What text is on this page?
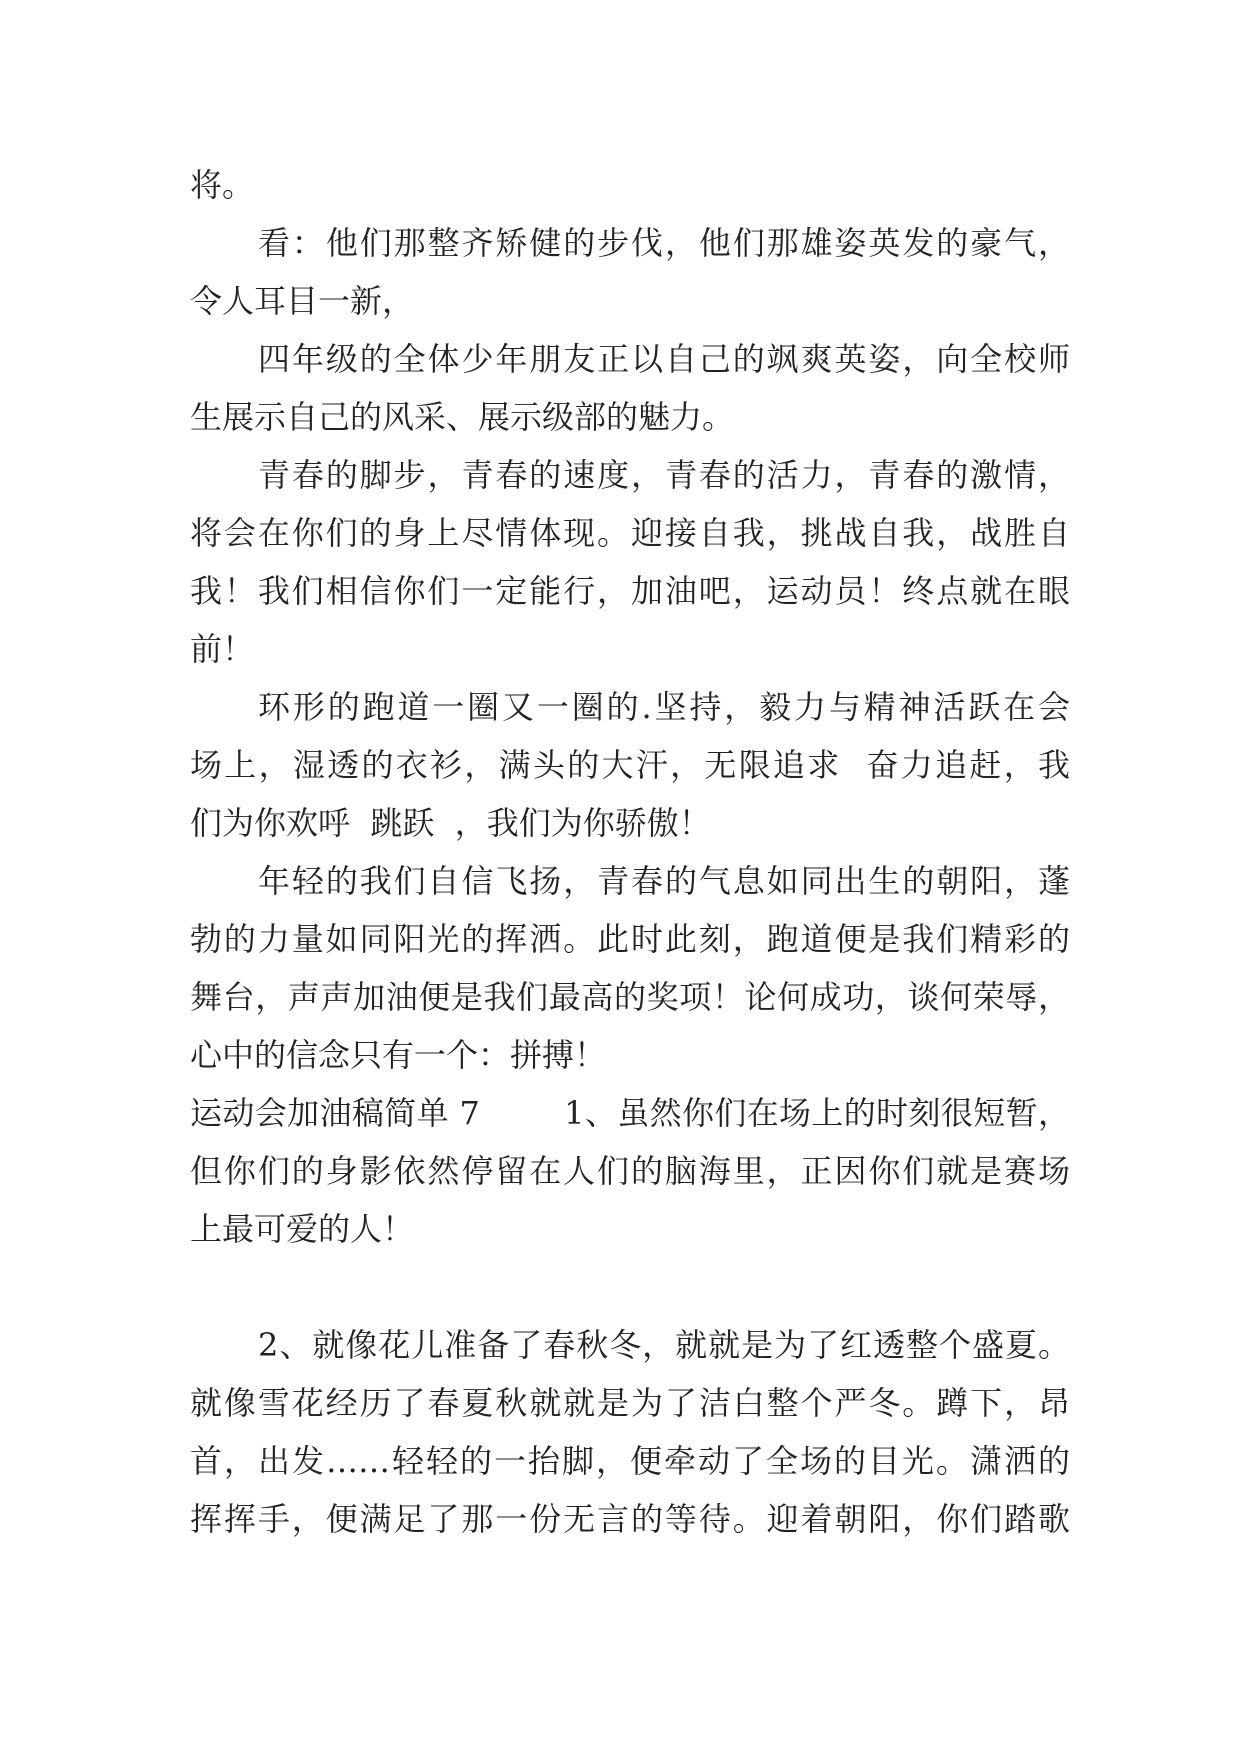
将。
看：他们那整齐矫健的步伐，他们那雄姿英发的豪气，
令人耳目一新，
四年级的全体少年朋友正以自己的飒爽英姿，向全校师
生展示自己的风采、展示级部的魅力。
青春的脚步，青春的速度，青春的活力，青春的激情，
将会在你们的身上尽情体现。迎接自我，挑战自我，战胜自
我！我们相信你们一定能行，加油吧，运动员！终点就在眼
前！
环形的跑道一圈又一圈的.坚持，毅力与精神活跃在会
场上，湿透的衣衫，满头的大汗，无限追求  奋力追赶，我
们为你欢呼  跳跃  ，我们为你骄傲！
年轻的我们自信飞扬，青春的气息如同出生的朝阳，蓬
勃的力量如同阳光的挥洒。此时此刻，跑道便是我们精彩的
舞台，声声加油便是我们最高的奖项！论何成功，谈何荣辱，
心中的信念只有一个：拼搏！
运动会加油稿简单 7        1、虽然你们在场上的时刻很短暂，
但你们的身影依然停留在人们的脑海里，正因你们就是赛场
上最可爱的人！
2、就像花儿准备了春秋冬，就就是为了红透整个盛夏。
就像雪花经历了春夏秋就就是为了洁白整个严冬。蹲下，昂
首，出发……轻轻的一抬脚，便牵动了全场的目光。潇洒的
挥挥手，便满足了那一份无言的等待。迎着朝阳，你们踏歌
